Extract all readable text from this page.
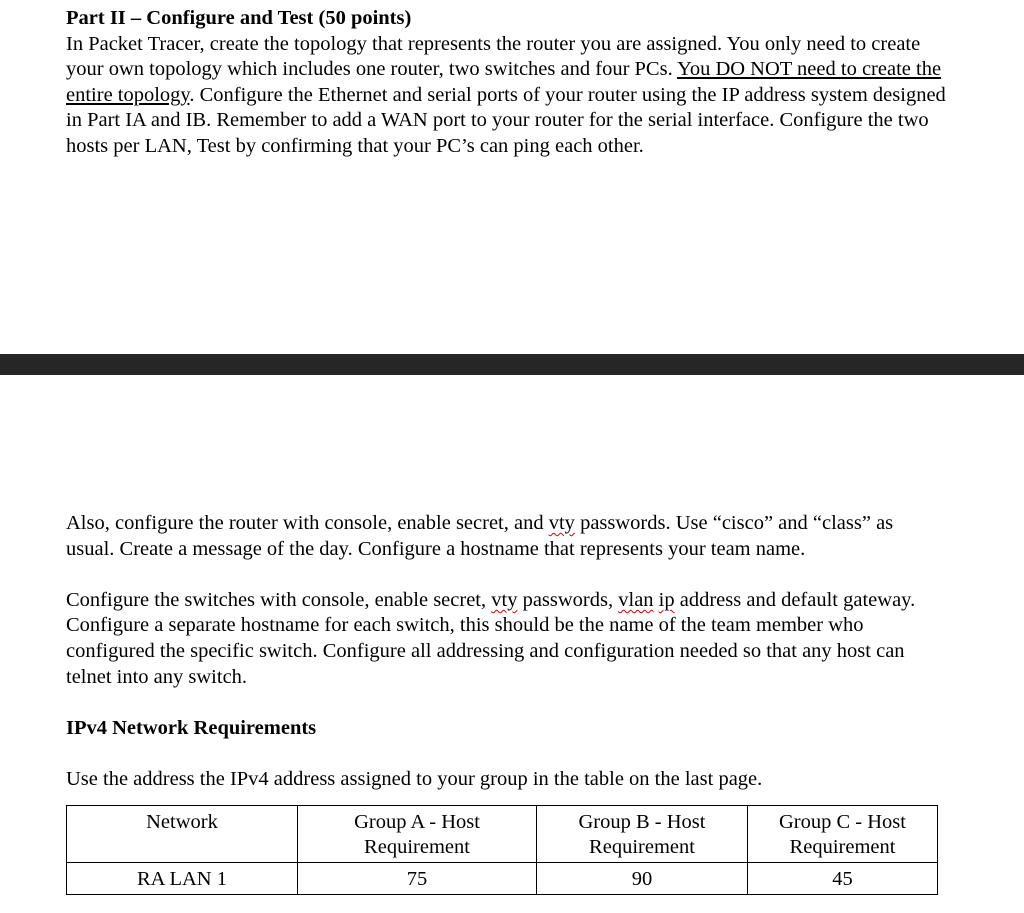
Part II – Configure and Test (50 points)

In Packet Tracer, create the topology that represents the router you are assigned. You only need to create your own topology which includes one router, two switches and four PCs. You DO NOT need to create the entire topology. Configure the Ethernet and serial ports of your router using the IP address system designed in Part IA and IB. Remember to add a WAN port to your router for the serial interface. Configure the two hosts per LAN, Test by confirming that your PC’s can ping each other.

Also, configure the router with console, enable secret, and vty passwords. Use “cisco” and “class” as usual. Create a message of the day. Configure a hostname that represents your team name.

Configure the switches with console, enable secret, vty passwords, vlan ip address and default gateway. Configure a separate hostname for each switch, this should be the name of the team member who configured the specific switch. Configure all addressing and configuration needed so that any host can telnet into any switch.

IPv4 Network Requirements

Use the address the IPv4 address assigned to your group in the table on the last page.

Network	Group A - Host Requirement	Group B - Host Requirement	Group C - Host Requirement
RA LAN 1	75	90	45
